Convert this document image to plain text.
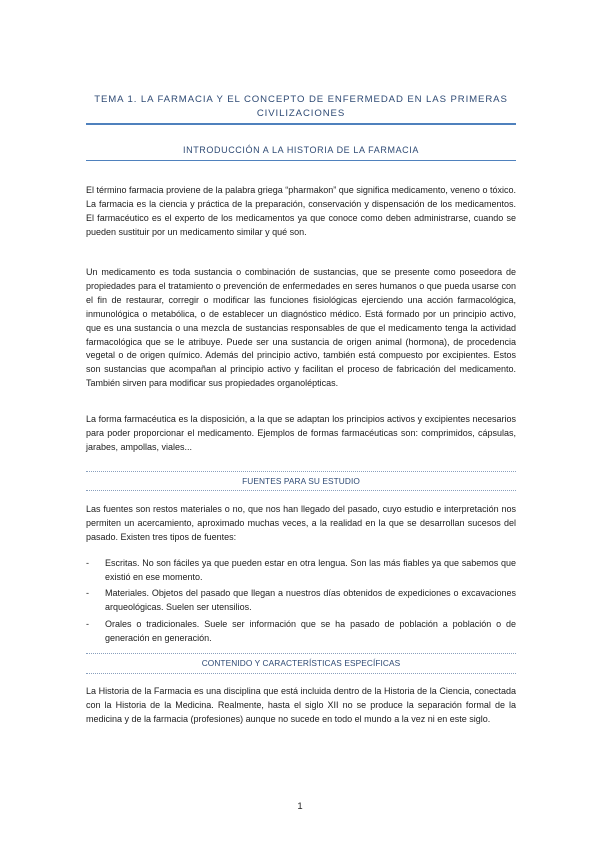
TEMA 1. LA FARMACIA Y EL CONCEPTO DE ENFERMEDAD EN LAS PRIMERAS CIVILIZACIONES
INTRODUCCIÓN A LA HISTORIA DE LA FARMACIA

El término farmacia proviene de la palabra griega “pharmakon” que significa medicamento, veneno o tóxico. La farmacia es la ciencia y práctica de la preparación, conservación y dispensación de los medicamentos. El farmacéutico es el experto de los medicamentos ya que conoce como deben administrarse, cuando se pueden sustituir por un medicamento similar y qué son.

Un medicamento es toda sustancia o combinación de sustancias, que se presente como poseedora de propiedades para el tratamiento o prevención de enfermedades en seres humanos o que pueda usarse con el fin de restaurar, corregir o modificar las funciones fisiológicas ejerciendo una acción farmacológica, inmunológica o metabólica, o de establecer un diagnóstico médico. Está formado por un principio activo, que es una sustancia o una mezcla de sustancias responsables de que el medicamento tenga la actividad farmacológica que se le atribuye. Puede ser una sustancia de origen animal (hormona), de procedencia vegetal o de origen químico. Además del principio activo, también está compuesto por excipientes. Estos son sustancias que acompañan al principio activo y facilitan el proceso de fabricación del medicamento. También sirven para modificar sus propiedades organolépticas.

La forma farmacéutica es la disposición, a la que se adaptan los principios activos y excipientes necesarios para poder proporcionar el medicamento. Ejemplos de formas farmacéuticas son: comprimidos, cápsulas, jarabes, ampollas, viales...

FUENTES PARA SU ESTUDIO

Las fuentes son restos materiales o no, que nos han llegado del pasado, cuyo estudio e interpretación nos permiten un acercamiento, aproximado muchas veces, a la realidad en la que se desarrollan sucesos del pasado. Existen tres tipos de fuentes:

- Escritas. No son fáciles ya que pueden estar en otra lengua. Son las más fiables ya que sabemos que existió en ese momento.
- Materiales. Objetos del pasado que llegan a nuestros días obtenidos de expediciones o excavaciones arqueológicas. Suelen ser utensilios.
- Orales o tradicionales. Suele ser información que se ha pasado de población a población o de generación en generación.
CONTENIDO Y CARACTERÍSTICAS ESPECÍFICAS

La Historia de la Farmacia es una disciplina que está incluida dentro de la Historia de la Ciencia, conectada con la Historia de la Medicina. Realmente, hasta el siglo XII no se produce la separación formal de la medicina y de la farmacia (profesiones) aunque no sucede en todo el mundo a la vez ni en este siglo.

1
